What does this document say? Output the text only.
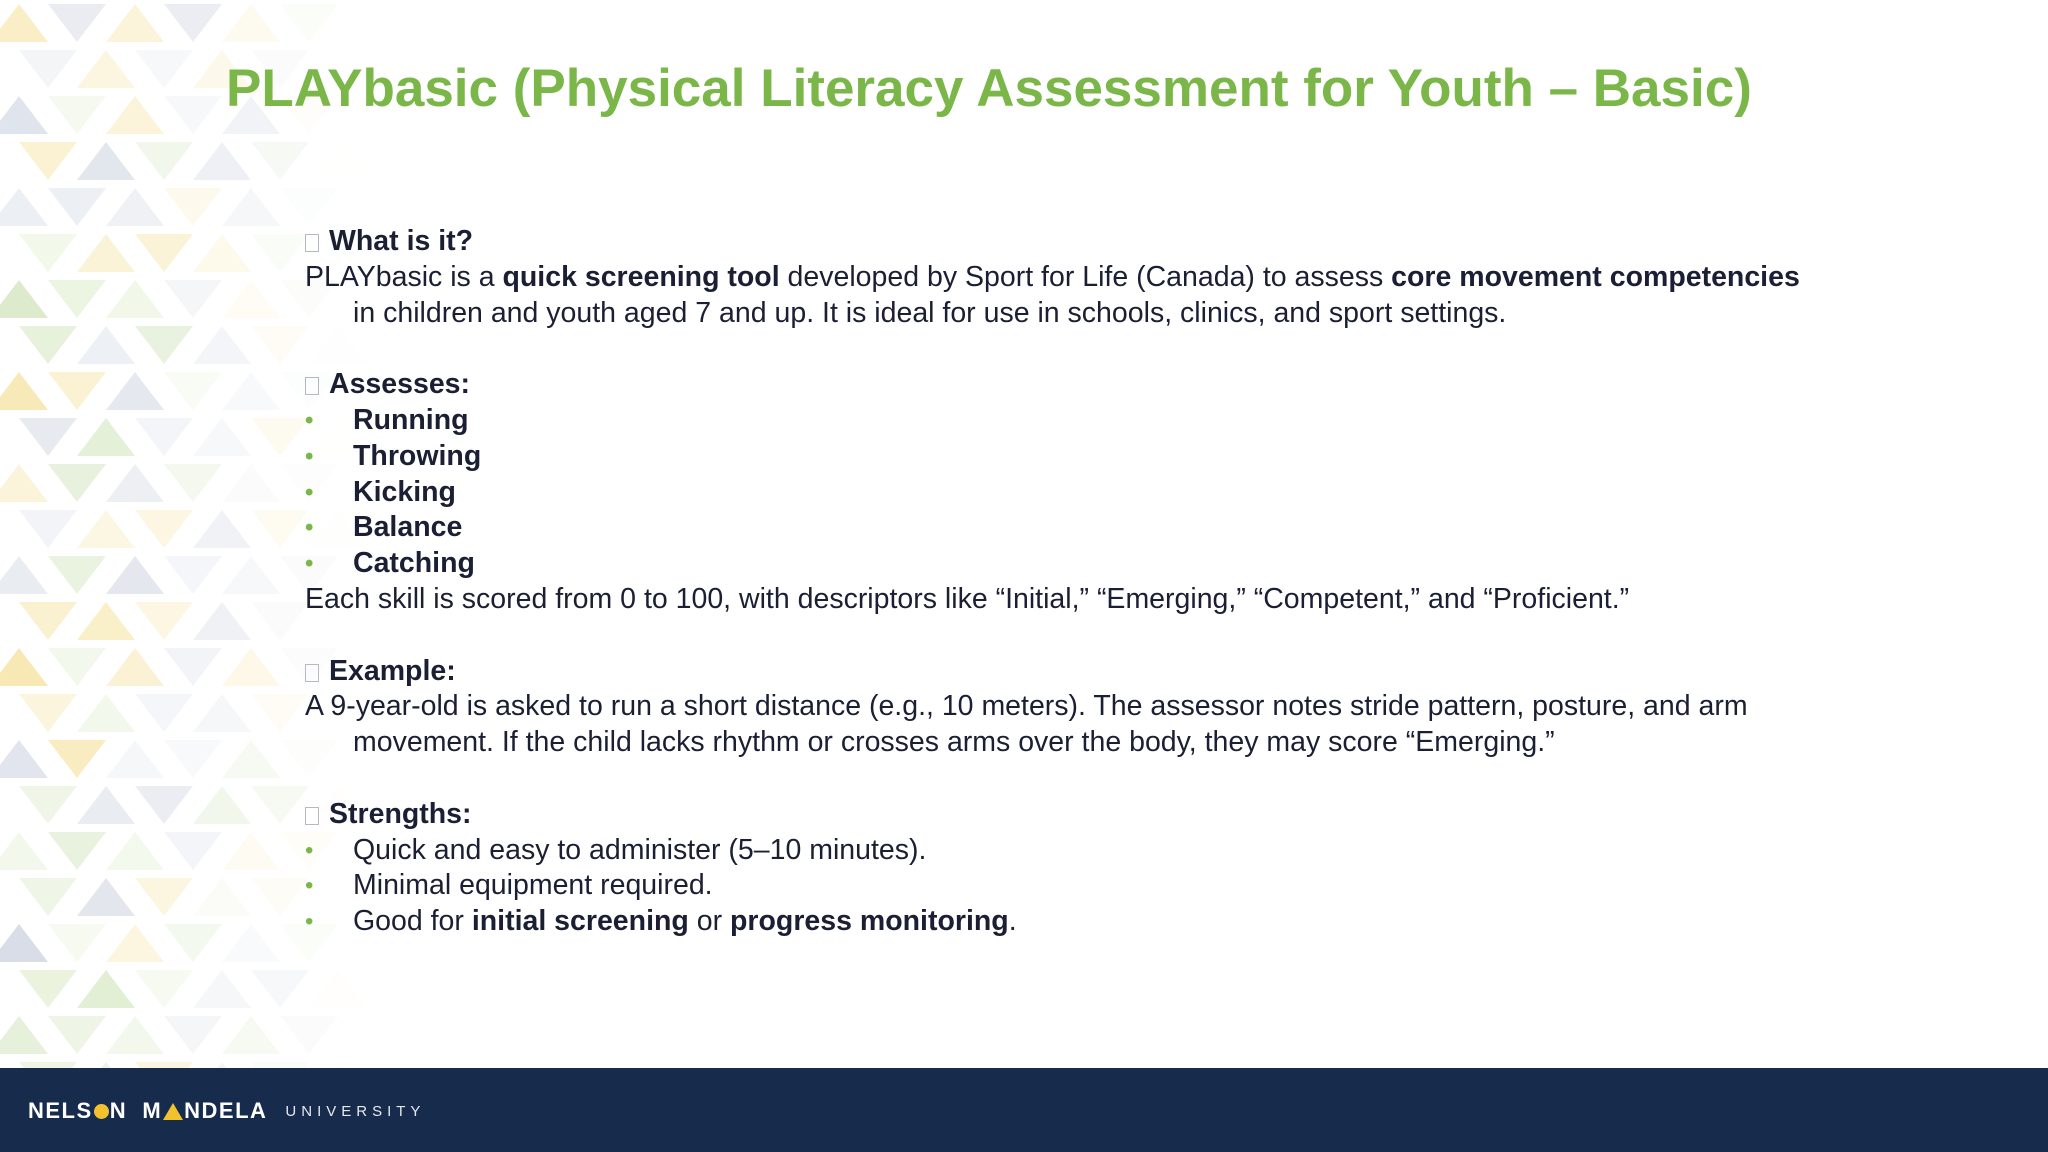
PLAYbasic (Physical Literacy Assessment for Youth – Basic)
What is it?
PLAYbasic is a quick screening tool developed by Sport for Life (Canada) to assess core movement competencies
in children and youth aged 7 and up. It is ideal for use in schools, clinics, and sport settings.
Assesses:
• Running
• Throwing
• Kicking
• Balance
• Catching
Each skill is scored from 0 to 100, with descriptors like “Initial,” “Emerging,” “Competent,” and “Proficient.”
Example:
A 9-year-old is asked to run a short distance (e.g., 10 meters). The assessor notes stride pattern, posture, and arm
movement. If the child lacks rhythm or crosses arms over the body, they may score “Emerging.”
Strengths:
• Quick and easy to administer (5–10 minutes).
• Minimal equipment required.
• Good for initial screening or progress monitoring.
NELS N
M NDELA UNIVERSITY
